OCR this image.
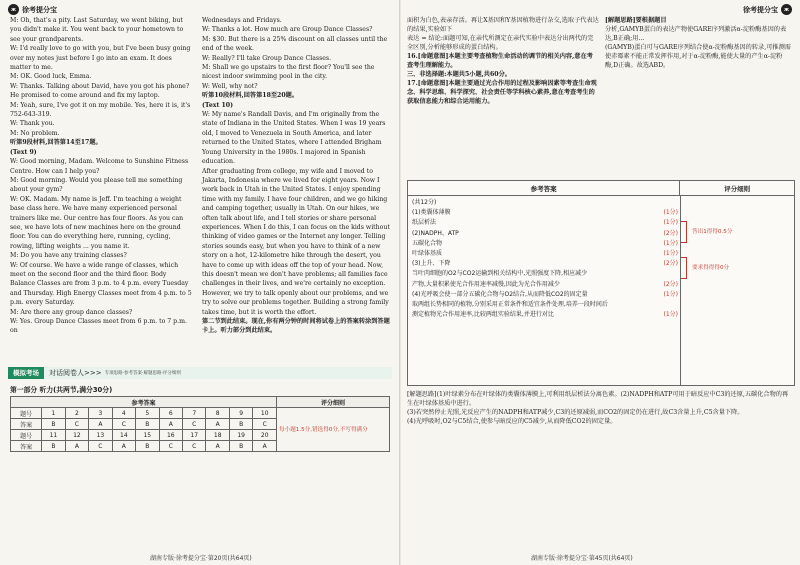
ж 徐考提分宝

M: Oh, that's a pity. Last Saturday, we went biking, but you didn't make it. You went back to your hometown to see your grandparents.

W: I'd really love to go with you, but I've been busy going over my notes just before I go into an exam. It does matter to me.

M: OK. Good luck, Emma.

W: Thanks. Talking about David, have you got his phone? He promised to come around and fix my laptop.

M: Yeah, sure, I've got it on my mobile. Yes, here it is, it's 752-643-319.

W: Thank you.

M: No problem.

听第9段材料,回答第14至17题。

(Text 9)

W: Good morning, Madam. Welcome to Sunshine Fitness Centre. How can I help you?

M: Good morning. Would you please tell me something about your gym?

W: OK. Madam. My name is Jeff. I'm teaching a weight base class here. We have many experienced personal trainers like me. Our centre has four floors. As you can see, we have lots of new machines here on the ground floor. You can do everything here, running, cycling, rowing, lifting weights ... you name it.

M: Do you have any training classes?

W: Of course. We have a wide range of classes, which meet on the second floor and the third floor. Body Balance Classes are from 3 p.m. to 4 p.m. every Tuesday and Thursday. High Energy Classes meet from 4 p.m. to 5 p.m. every Saturday.

M: Are there any group dance classes?

W: Yes. Group Dance Classes meet from 6 p.m. to 7 p.m. on

Wednesdays and Fridays.

W: Thanks a lot. How much are Group Dance Classes?

M: $30. But there is a 25% discount on all classes until the end of the week.

W: Really? I'll take Group Dance Classes.

M: Shall we go upstairs to the first floor? You'll see the nicest indoor swimming pool in the city.

W: Well, why not?

听第10段材料,回答第18至20题。

(Text 10)

W: My name's Randall Davis, and I'm originally from the state of Indiana in the United States. When I was 19 years old, I moved to Venezuela in South America, and later returned to the United States, where I attended Brigham Young University in the 1980s. I majored in Spanish education.

After graduating from college, my wife and I moved to Jakarta, Indonesia where we lived for eight years. Now I work back in Utah in the United States. I enjoy spending time with my family. I have four children, and we go hiking and camping together, usually in Utah. On our hikes, we often talk about life, and I tell stories or share personal experiences. When I do this, I can focus on the kids without thinking of video games or the Internet any longer. Telling stories sounds easy, but when you have to think of a new story on a hot, 12-kilometre hike through the desert, you have to come up with ideas off the top of your head. Now, this doesn't mean we don't have problems; all families face challenges in their lives, and we're certainly no exception. However, we try to talk openly about our problems, and we try to solve our problems together. Building a strong family takes time, but it is worth the effort.

第二节到此结束。现在,你有两分钟的时间将试卷上的答案转涂到答题卡上。听力部分到此结束。

模拟考场	对话阅卷人>>> 专项思路·参考答案·解题思路·评分细则
第一部分 听力(共两节,满分30分)
参考答案											评分细则
题号	1	2	3	4	5	6	7	8	9	10	每小题1.5分,错选得0分,不写得满分
答案	B	C	A	C	B	A	C	A	B	C	
题号	11	12	13	14	15	16	17	18	19	20	
答案	B	A	C	A	B	C	C	A	B	A	
湖南专版·徐考提分宝·第20页(共64页)
徐考提分宝	ж

面积为白色,表亲存活。再让X基因和Y基因植物进行杂交,选取子代表达的结果,实验如下

表达 = 结论:面题可知,在亲代所测定在亲代实验中表达分出两代的完全区别,分析能够形成的蛋白结构。

16.[命题意图]本题主要考查植物生命活动的调节的相关内容,意在考查考生理解能力。

三、非选择题:本题共5小题,共60分。

17.[命题意图]本题主要通过光合作用的过程及影响因素等考查生命观念、科学思维、科学探究、社会责任等学科核心素养,意在考查考生的获取信息能力和综合运用能力。

[解题思路]要根据题目

分析,GAMYB蛋白的表达产物使GARE序列激活α-淀粉酶基因的表达,B正确;用...

(GAMYB)蛋白可与GARE序列结合使α-淀粉酶基因的转录,可推测需使赤霉素不能正常发挥作用,对于α-淀粉酶,能使大量的产生α-淀粉酶,D正确。故选ABD。

参考答案	评分细则
(共12分)
(1)类囊体薄膜	(1分)
纸层析法	(1分)
(2)NADPH、ATP	(2分)
五碳化合物	(1分)
叶绿体基质	(1分)
(3)上升、下降	(2分)
当叶肉细胞的O2与CO2运输到相关结构中,光照强度下降,相应减少
产物,大量积累使光合作用速率减慢,因此为光合作用减少	(2分)
(4)光呼吸会使一部分五碳化合物与O2结合,从而降低CO2的固定量	(1分)
取两组长势相同的植物,分别采用正常条件和适宜条件处理,培养一段时间后
测定植物光合作用速率,比较两组实验结果,并进行对比	(1分)
答出1得得0.5分
要求得得得0分

[解题思路](1)叶绿素分布在叶绿体的类囊体薄膜上,可利用纸层析法分离色素。(2)NADPH和ATP可用于暗反应中C3的还原,五碳化合物的再生在叶绿体基质中进行。

(3)若突然停止光照,光反应产生的NADPH和ATP减少,C3的还原减弱,而CO2的固定仍在进行,故C3含量上升,C5含量下降。

(4)光呼吸时,O2与C5结合,使参与暗反应的C5减少,从而降低CO2的固定量。

湖南专版·徐考提分宝·第45页(共64页)
